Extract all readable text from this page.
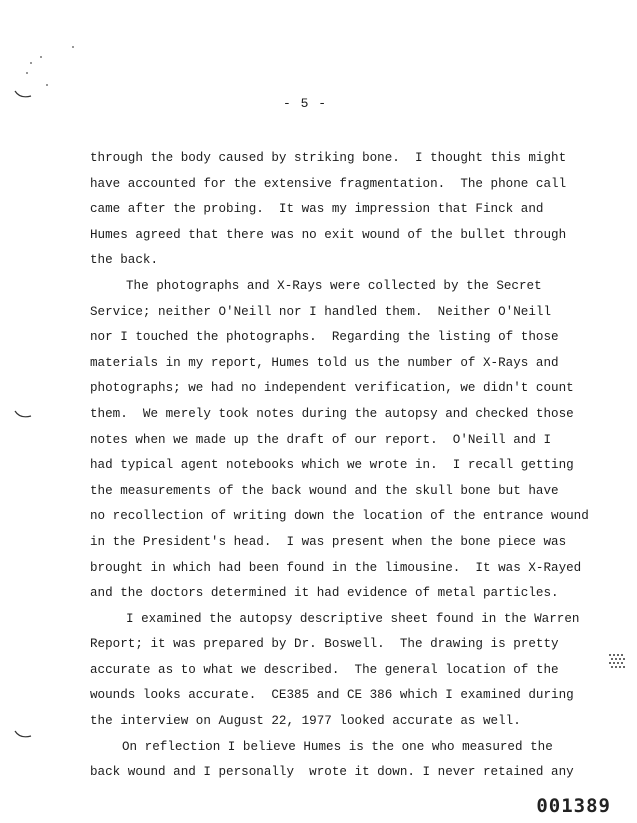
- 5 -
through the body caused by striking bone.  I thought this might
have accounted for the extensive fragmentation.  The phone call
came after the probing.  It was my impression that Finck and
Humes agreed that there was no exit wound of the bullet through
the back.
The photographs and X-Rays were collected by the Secret
Service; neither O'Neill nor I handled them.  Neither O'Neill
nor I touched the photographs.  Regarding the listing of those
materials in my report, Humes told us the number of X-Rays and
photographs; we had no independent verification, we didn't count
them.  We merely took notes during the autopsy and checked those
notes when we made up the draft of our report.  O'Neill and I
had typical agent notebooks which we wrote in.  I recall getting
the measurements of the back wound and the skull bone but have
no recollection of writing down the location of the entrance wound
in the President's head.  I was present when the bone piece was
brought in which had been found in the limousine.  It was X-Rayed
and the doctors determined it had evidence of metal particles.
I examined the autopsy descriptive sheet found in the Warren
Report; it was prepared by Dr. Boswell.  The drawing is pretty
accurate as to what we described.  The general location of the
wounds looks accurate.  CE385 and CE 386 which I examined during
the interview on August 22, 1977 looked accurate as well.
On reflection I believe Humes is the one who measured the
back wound and I personally  wrote it down. I never retained any
001389
